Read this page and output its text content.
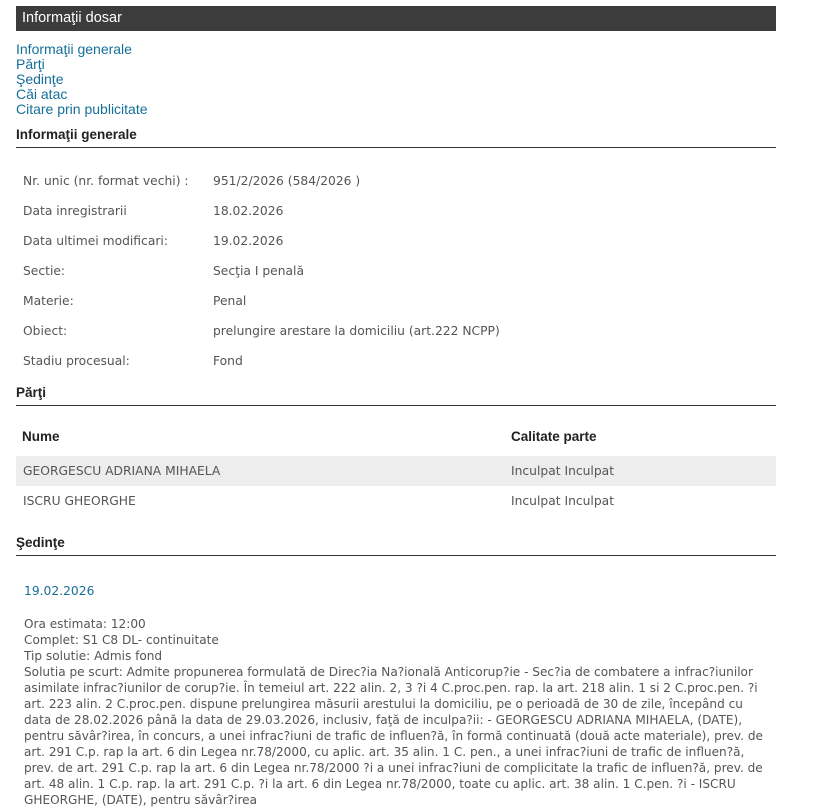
Informaţii dosar
Informaţii generale
Părţi
Şedinţe
Căi atac
Citare prin publicitate
Informaţii generale
Nr. unic (nr. format vechi) :	951/2/2026 (584/2026 )
Data inregistrarii	18.02.2026
Data ultimei modificari:	19.02.2026
Sectie:	Secţia I penală
Materie:	Penal
Obiect:	prelungire arestare la domiciliu (art.222 NCPP)
Stadiu procesual:	Fond
Părţi
Nume	Calitate parte
GEORGESCU ADRIANA MIHAELA	Inculpat Inculpat
ISCRU GHEORGHE	Inculpat Inculpat
Şedinţe
19.02.2026
Ora estimata: 12:00
Complet: S1 C8 DL- continuitate
Tip solutie: Admis fond
Solutia pe scurt: Admite propunerea formulată de Direc?ia Na?ională Anticorup?ie - Sec?ia de combatere a infrac?iunilor asimilate infrac?iunilor de corup?ie. În temeiul art. 222 alin. 2, 3 ?i 4 C.proc.pen. rap. la art. 218 alin. 1 si 2 C.proc.pen. ?i art. 223 alin. 2 C.proc.pen. dispune prelungirea măsurii arestului la domiciliu, pe o perioadă de 30 de zile, începând cu data de 28.02.2026 până la data de 29.03.2026, inclusiv, faţă de inculpa?ii: - GEORGESCU ADRIANA MIHAELA, (DATE), pentru săvâr?irea, în concurs, a unei infrac?iuni de trafic de influen?ă, în formă continuată (două acte materiale), prev. de art. 291 C.p. rap la art. 6 din Legea nr.78/2000, cu aplic. art. 35 alin. 1 C. pen., a unei infrac?iuni de trafic de influen?ă, prev. de art. 291 C.p. rap la art. 6 din Legea nr.78/2000 ?i a unei infrac?iuni de complicitate la trafic de influen?ă, prev. de art. 48 alin. 1 C.p. rap. la art. 291 C.p. ?i la art. 6 din Legea nr.78/2000, toate cu aplic. art. 38 alin. 1 C.pen. ?i - ISCRU GHEORGHE, (DATE), pentru săvâr?irea
